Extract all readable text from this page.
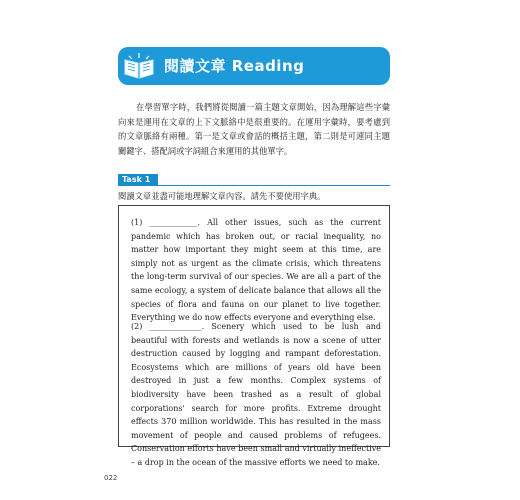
閱讀文章 Reading
在學習單字時，我們將從閱讀一篇主題文章開始，因為理解這些字彙向來是運用在文章的上下文脈絡中是很重要的。在運用字彙時，要考慮到的文章脈絡有兩種。第一是文章或會話的概括主題，第二則是可連同主題關鍵字、搭配詞或字詞組合來運用的其他單字。
Task 1
閱讀文章並盡可能地理解文章內容。請先不要使用字典。
(1) ____________. All other issues, such as the current pandemic which has broken out, or racial inequality, no matter how important they might seem at this time, are simply not as urgent as the climate crisis, which threatens the long-term survival of our species. We are all a part of the same ecology, a system of delicate balance that allows all the species of flora and fauna on our planet to live together. Everything we do now effects everyone and everything else.
(2) _____________. Scenery which used to be lush and beautiful with forests and wetlands is now a scene of utter destruction caused by logging and rampant deforestation. Ecosystems which are millions of years old have been destroyed in just a few months. Complex systems of biodiversity have been trashed as a result of global corporations' search for more profits. Extreme drought effects 370 million worldwide. This has resulted in the mass movement of people and caused problems of refugees. Conservation efforts have been small and virtually ineffective – a drop in the ocean of the massive efforts we need to make.
022
